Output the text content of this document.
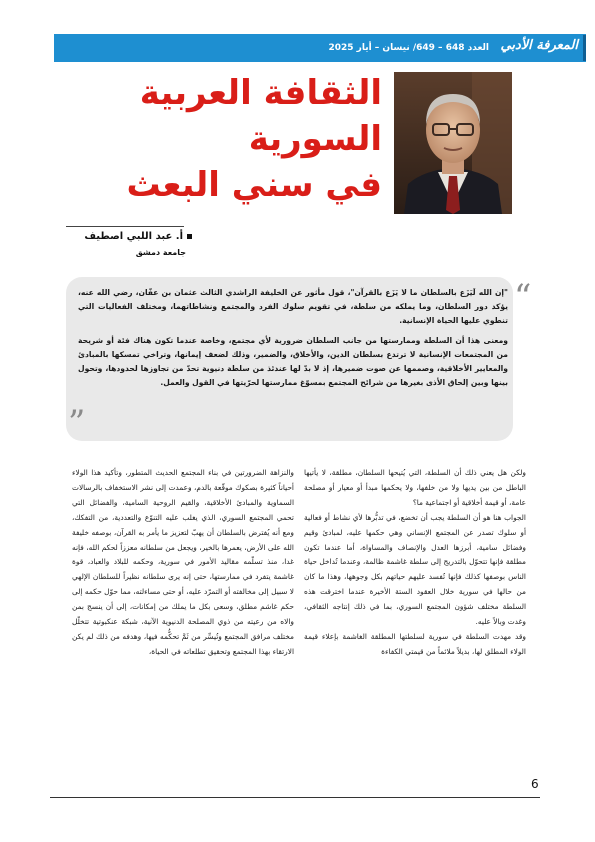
العدد 648 – 649/ نيسان – أيار 2025 المعرفة الأدبي
الثقافة العربية
السورية
في سني البعث
أ. عبد اللبي اصطيف
جامعة دمشق
“

"إن الله لَيَزَع بالسلطان ما لا يَزَع بالقرآن"، قول مأثور عن الخليفة الراشدي الثالث عثمان بن عفّان، رضي الله عنه، يؤكد دور السلطان، وما يملكه من سلطة، في تقويم سلوك الفرد والمجتمع ونشاطاتهما، ومختلف الفعاليات التي تنطوي عليها الحياة الإنسانية.

ومعنى هذا أن السلطة وممارستها من جانب السلطان ضرورية لأي مجتمع، وخاصة عندما تكون هناك فئة أو شريحة من المجتمعات الإنسانية لا ترتدع بسلطان الدين، والأخلاق، والضمير، وذلك لضعف إيمانها، وتراخي تمسكها بالمبادئ والمعايير الأخلاقية، وصممها عن صوت ضميرها، إذ لا بدّ لها عندئذ من سلطة دنيوية تحدّ من تجاوزها لحدودها، وتحول بينها وبين إلحاق الأذى بغيرها من شرائح المجتمع بمسوّغ ممارستها لحرّيتها في القول والعمل.

”

ولكن هل يعني ذلك أن السلطة، التي يُتيحها السلطان، مطلقة، لا يأتيها الباطل من بين يديها ولا من خلفها، ولا يحكمها مبدأ أو معيار أو مصلحة عامة، أو قيمة أخلاقية أو اجتماعية ما؟

الجواب هنا هو أن السلطة يجب أن تخضع، في تدبُّرها لأي نشاط أو فعالية أو سلوك تصدر عن المجتمع الإنساني وهي حكمها عليه، لمبادئ وقيم وفضائل سامية، أبرزها العدل والإنصاف والمساواة، أما عندما تكون مطلقة فإنها تتحوّل بالتدريج إلى سلطة غاشمة ظالمة، وعندما تُداخل حياة الناس بوصفها كذلك فإنها تُفسد عليهم حياتهم بكل وجوهها، وهذا ما كان من حالها في سورية خلال العقود الستة الأخيرة عندما اخترقت هذه السلطة مختلف شؤون المجتمع السوري، بما في ذلك إنتاجه الثقافي، وغدت وبالاً عليه.

وقد مهدت السلطة في سورية لسلطتها المطلقة الغاشمة بإعلاء قيمة الولاء المطلق لها، بديلاً ملائماً من قيمتي الكفاءة

والنزاهة الضرورتين في بناء المجتمع الحديث المتطور، وتأكيد هذا الولاء أحياناً كثيرة بصكوك موقّعة بالدم، وعمدت إلى نشر الاستخفاف بالرسالات السماوية والمبادئ الأخلاقية، والقيم الروحية السامية، والفضائل التي تحمي المجتمع السوري، الذي يغلب عليه التنوّع والتعددية، من التفكك، ومع أنه يُفترض بالسلطان أن يهبّ لتعزيز ما يأمر به القرآن، بوصفه خليفة الله على الأرض، يعمرها بالخير، ويجعل من سلطانه معززاً لحكم الله، فإنه غدا، منذ تسلّمه مقاليد الأمور في سورية، وحكمه للبلاد والعباد، قوة غاشمة يتفرد في ممارستها، حتى إنه يرى سلطانه نظيراً للسلطان الإلهي لا سبيل إلى مخالفته أو التمرّد عليه، أو حتى مساءلته، مما حوّل حكمه إلى حكم غاشم مطلق، وسعى بكل ما يملك من إمكانات، إلى أن ينسج بمن والاه من رعيته من ذوي المصلحة الدنيوية الآنية، شبكة عنكبوتية تتخلّل مختلف مرافق المجتمع وتُيسِّر من ثَمَّ تحكُّمه فيها، وهدفه من ذلك لم يكن الارتقاء بهذا المجتمع وتحقيق تطلعاته في الحياة،

6
